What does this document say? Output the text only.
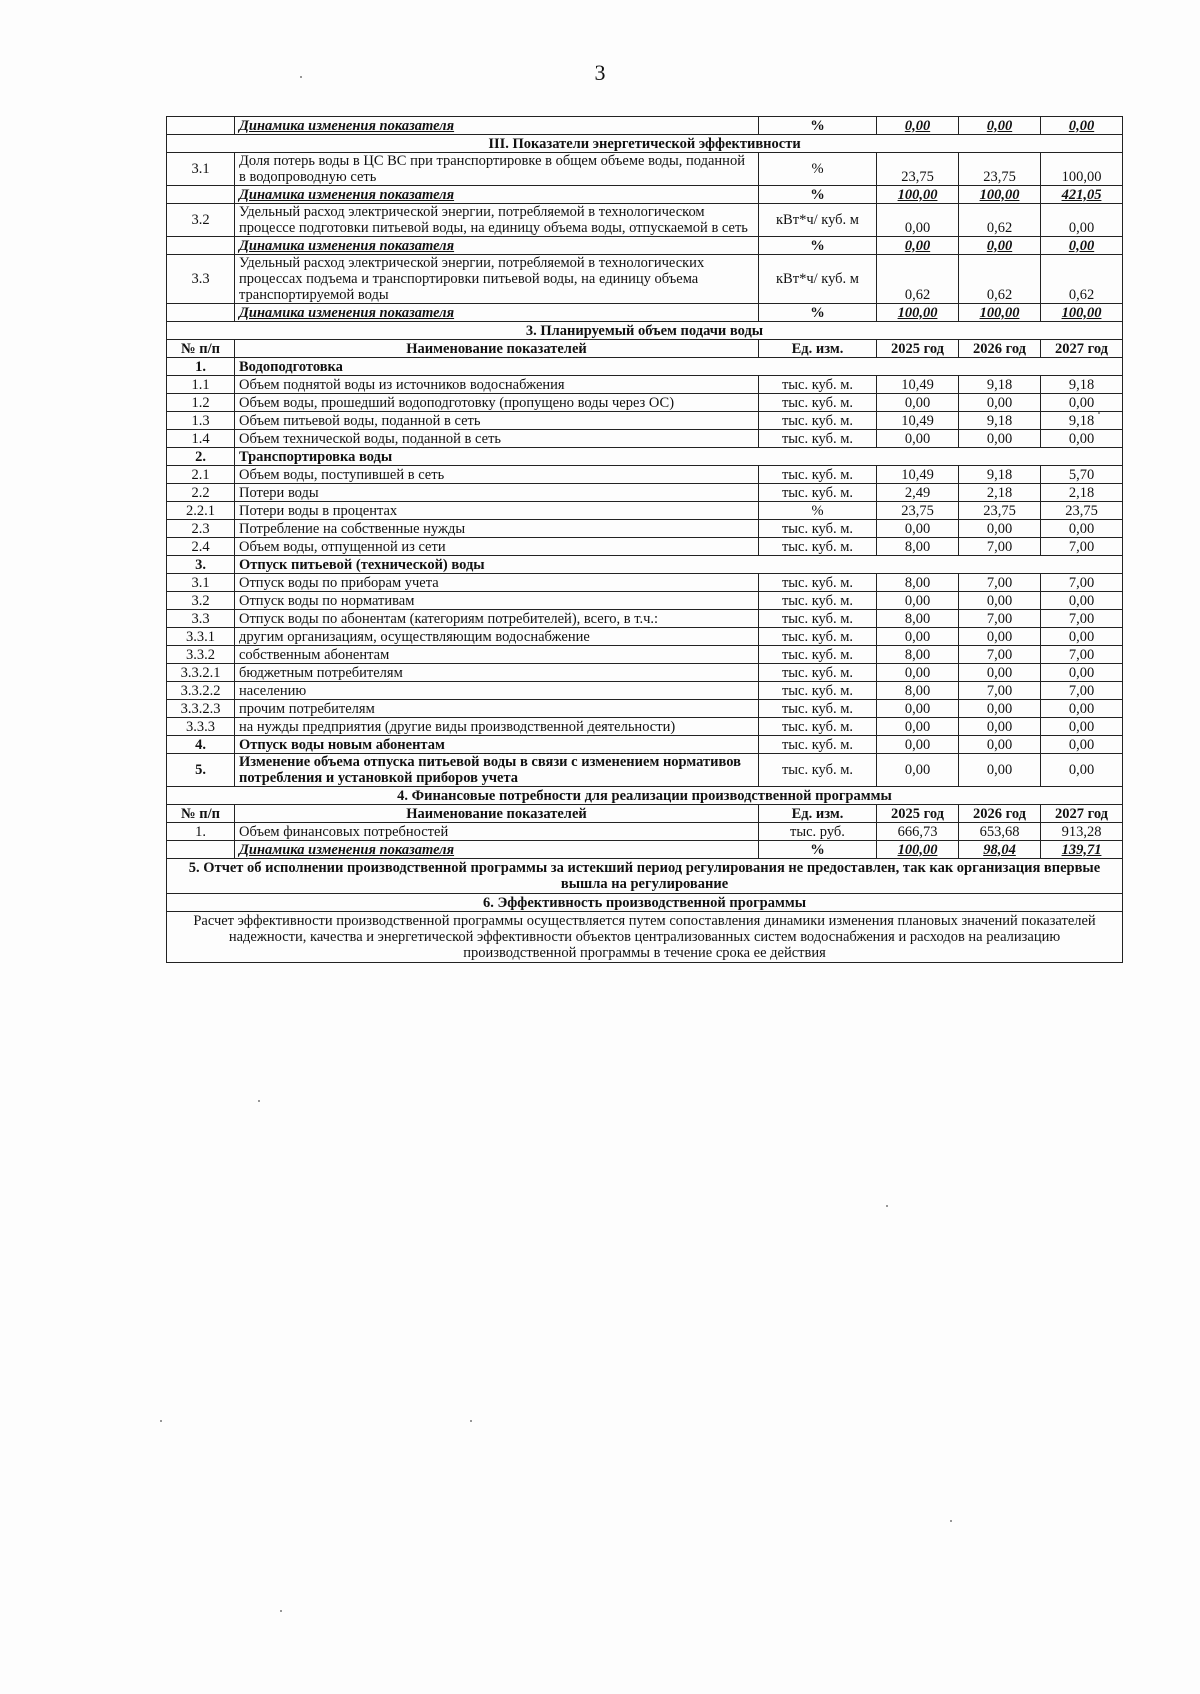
3
	Динамика изменения показателя	%	0,00	0,00	0,00
III. Показатели энергетической эффективности					
3.1	Доля потерь воды в ЦС ВС при транспортировке в общем объеме воды, поданной в водопроводную сеть	%	23,75	23,75	100,00
	Динамика изменения показателя	%	100,00	100,00	421,05
3.2	Удельный расход электрической энергии, потребляемой в технологическом процессе подготовки питьевой воды, на единицу объема воды, отпускаемой в сеть	кВт*ч/ куб. м	0,00	0,62	0,00
	Динамика изменения показателя	%	0,00	0,00	0,00
3.3	Удельный расход электрической энергии, потребляемой в технологических процессах подъема и транспортировки питьевой воды, на единицу объема транспортируемой воды	кВт*ч/ куб. м	0,62	0,62	0,62
	Динамика изменения показателя	%	100,00	100,00	100,00
3. Планируемый объем подачи воды					
№ п/п	Наименование показателей	Ед. изм.	2025 год	2026 год	2027 год
1.	Водоподготовка				
1.1	Объем поднятой воды из источников водоснабжения	тыс. куб. м.	10,49	9,18	9,18
1.2	Объем воды, прошедший водоподготовку (пропущено воды через ОС)	тыс. куб. м.	0,00	0,00	0,00
1.3	Объем питьевой воды, поданной в сеть	тыс. куб. м.	10,49	9,18	9,18
1.4	Объем технической воды, поданной в сеть	тыс. куб. м.	0,00	0,00	0,00
2.	Транспортировка воды				
2.1	Объем воды, поступившей в сеть	тыс. куб. м.	10,49	9,18	5,70
2.2	Потери воды	тыс. куб. м.	2,49	2,18	2,18
2.2.1	Потери воды в процентах	%	23,75	23,75	23,75
2.3	Потребление на собственные нужды	тыс. куб. м.	0,00	0,00	0,00
2.4	Объем воды, отпущенной из сети	тыс. куб. м.	8,00	7,00	7,00
3.	Отпуск питьевой (технической) воды				
3.1	Отпуск воды по приборам учета	тыс. куб. м.	8,00	7,00	7,00
3.2	Отпуск воды по нормативам	тыс. куб. м.	0,00	0,00	0,00
3.3	Отпуск воды по абонентам (категориям потребителей), всего, в т.ч.:	тыс. куб. м.	8,00	7,00	7,00
3.3.1	другим организациям, осуществляющим водоснабжение	тыс. куб. м.	0,00	0,00	0,00
3.3.2	собственным абонентам	тыс. куб. м.	8,00	7,00	7,00
3.3.2.1	бюджетным потребителям	тыс. куб. м.	0,00	0,00	0,00
3.3.2.2	населению	тыс. куб. м.	8,00	7,00	7,00
3.3.2.3	прочим потребителям	тыс. куб. м.	0,00	0,00	0,00
3.3.3	на нужды предприятия (другие виды производственной деятельности)	тыс. куб. м.	0,00	0,00	0,00
4.	Отпуск воды новым абонентам	тыс. куб. м.	0,00	0,00	0,00
5.	Изменение объема отпуска питьевой воды в связи с изменением нормативов потребления и установкой приборов учета	тыс. куб. м.	0,00	0,00	0,00
4. Финансовые потребности для реализации производственной программы					
№ п/п	Наименование показателей	Ед. изм.	2025 год	2026 год	2027 год
1.	Объем финансовых потребностей	тыс. руб.	666,73	653,68	913,28
	Динамика изменения показателя	%	100,00	98,04	139,71
5. Отчет об исполнении производственной программы за истекший период регулирования не предоставлен, так как организация впервые вышла на регулирование					
6. Эффективность производственной программы					
Расчет эффективности производственной программы осуществляется путем сопоставления динамики изменения плановых значений показателей надежности, качества и энергетической эффективности объектов централизованных систем водоснабжения и расходов на реализацию производственной программы в течение срока ее действия					
